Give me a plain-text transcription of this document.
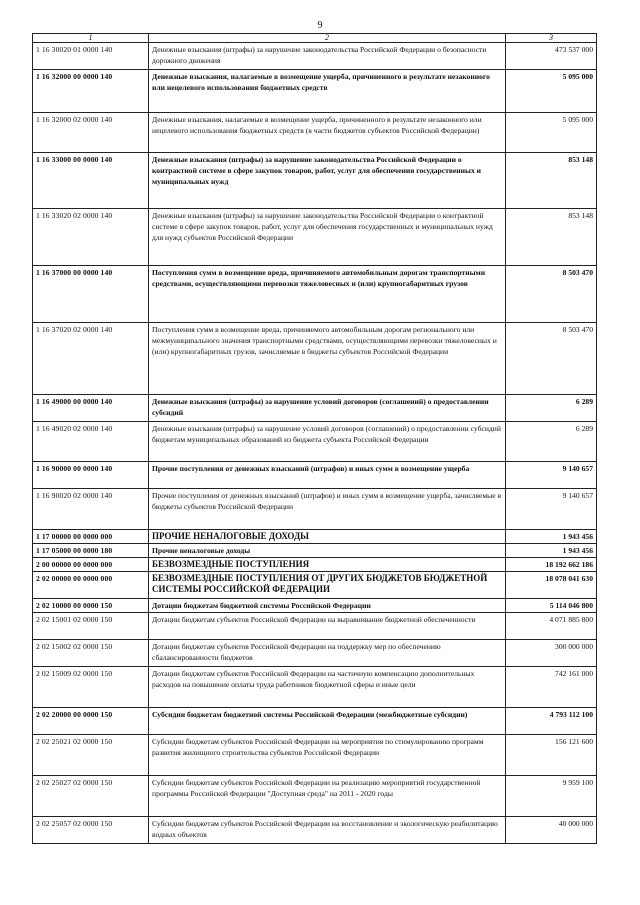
9
1	2	3
1 16 30020 01 0000 140	Денежные взыскания (штрафы) за нарушение законодательства Российской Федерации о безопасности дорожного движения	473 537 000
1 16 32000 00 0000 140	Денежные взыскания, налагаемые в возмещение ущерба, причиненного в результате незаконного или нецелевого использования бюджетных средств	5 095 000
1 16 32000 02 0000 140	Денежные взыскания, налагаемые в возмещение ущерба, причиненного в результате незаконного или нецелевого использования бюджетных средств (в части бюджетов субъектов Российской Федерации)	5 095 000
1 16 33000 00 0000 140	Денежные взыскания (штрафы) за нарушение законодательства Российской Федерации о контрактной системе в сфере закупок товаров, работ, услуг для обеспечения государственных и муниципальных нужд	853 148
1 16 33020 02 0000 140	Денежные взыскания (штрафы) за нарушение законодательства Российской Федерации о контрактной системе в сфере закупок товаров, работ, услуг для обеспечения государственных и муниципальных нужд для нужд субъектов Российской Федерации	853 148
1 16 37000 00 0000 140	Поступления сумм в возмещение вреда, причиняемого автомобильным дорогам транспортными средствами, осуществляющими перевозки тяжеловесных и (или) крупногабаритных грузов	8 503 470
1 16 37020 02 0000 140	Поступления сумм в возмещение вреда, причиняемого автомобильным дорогам регионального или межмуниципального значения транспортными средствами, осуществляющими перевозки тяжеловесных и (или) крупногабаритных грузов, зачисляемые в бюджеты субъектов Российской Федерации	8 503 470
1 16 49000 00 0000 140	Денежные взыскания (штрафы) за нарушение условий договоров (соглашений) о предоставлении субсидий	6 289
1 16 49020 02 0000 140	Денежные взыскания (штрафы) за нарушение условий договоров (соглашений) о предоставлении субсидий бюджетам муниципальных образований из бюджета субъекта Российской Федерации	6 289
1 16 90000 00 0000 140	Прочие поступления от денежных взысканий (штрафов) и иных сумм в возмещение ущерба	9 140 657
1 16 90020 02 0000 140	Прочие поступления от денежных взысканий (штрафов) и иных сумм в возмещение ущерба, зачисляемые в бюджеты субъектов Российской Федерации	9 140 657
1 17 00000 00 0000 000	ПРОЧИЕ НЕНАЛОГОВЫЕ ДОХОДЫ	1 943 456
1 17 05000 00 0000 180	Прочие неналоговые доходы	1 943 456
2 00 00000 00 0000 000	БЕЗВОЗМЕЗДНЫЕ ПОСТУПЛЕНИЯ	18 192 662 186
2 02 00000 00 0000 000	БЕЗВОЗМЕЗДНЫЕ ПОСТУПЛЕНИЯ ОТ ДРУГИХ БЮДЖЕТОВ БЮДЖЕТНОЙ СИСТЕМЫ РОССИЙСКОЙ ФЕДЕРАЦИИ	18 078 041 630
2 02 10000 00 0000 150	Дотации бюджетам бюджетной системы Российской Федерации	5 114 046 800
2 02 15001 02 0000 150	Дотации бюджетам субъектов Российской Федерации на выравнивание бюджетной обеспеченности	4 071 885 800
2 02 15002 02 0000 150	Дотации бюджетам субъектов Российской Федерации на поддержку мер по обеспечению сбалансированности бюджетов	300 000 000
2 02 15009 02 0000 150	Дотации бюджетам субъектов Российской Федерации на частичную компенсацию дополнительных расходов на повышение оплаты труда работников бюджетной сферы и иные цели	742 161 000
2 02 20000 00 0000 150	Субсидии бюджетам бюджетной системы Российской Федерации (межбюджетные субсидии)	4 793 112 100
2 02 25021 02 0000 150	Субсидии бюджетам субъектов Российской Федерации на мероприятия по стимулированию программ развития жилищного строительства субъектов Российской Федерации	156 121 600
2 02 25027 02 0000 150	Субсидии бюджетам субъектов Российской Федерации на реализацию мероприятий государственной программы Российской Федерации "Доступная среда" на 2011 - 2020 годы	9 959 100
2 02 25057 02 0000 150	Субсидии бюджетам субъектов Российской Федерации на восстановление и экологическую реабилитацию водных объектов	40 000 000
